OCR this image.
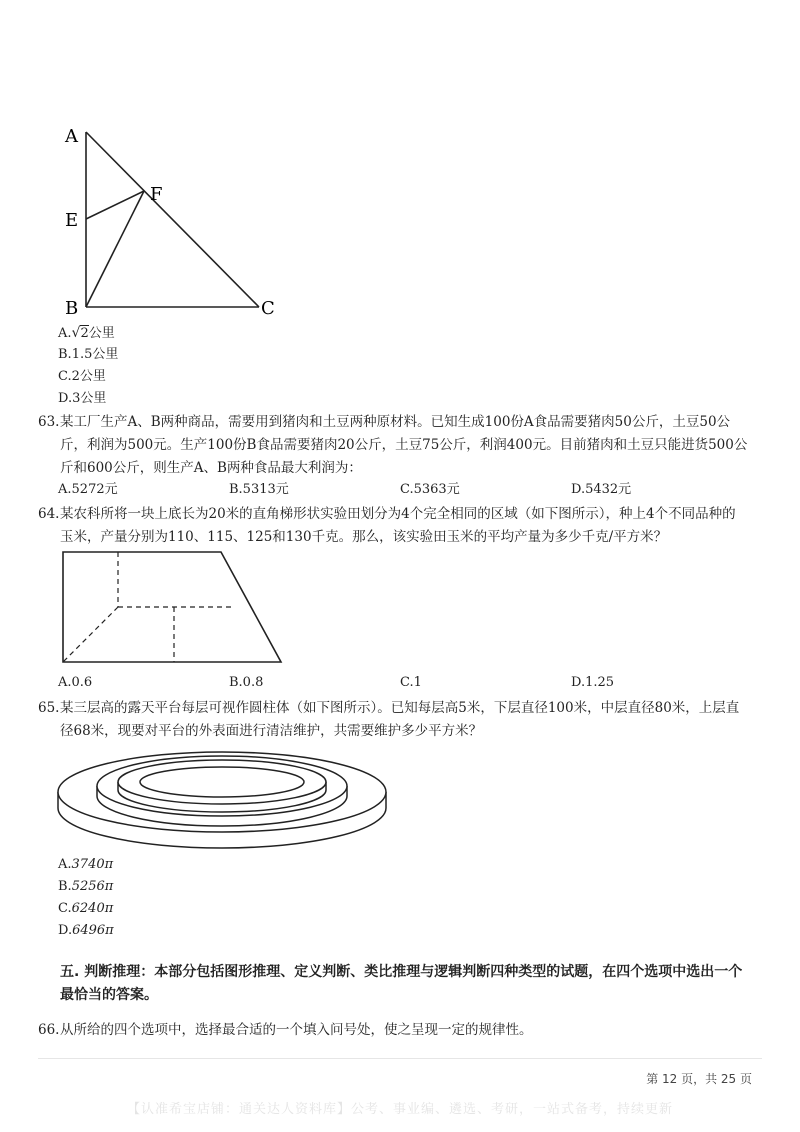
A
E
F
B	C
A.√2公里
B.1.5公里
C.2公里
D.3公里
63. 某工厂生产A、B两种商品，需要用到猪肉和土豆两种原材料。已知生成100份A食品需要猪肉50公斤，土豆50公斤，利润为500元。生产100份B食品需要猪肉20公斤，土豆75公斤，利润400元。目前猪肉和土豆只能进货500公斤和600公斤，则生产A、B两种食品最大利润为：
A.5272元	B.5313元	C.5363元	D.5432元
64. 某农科所将一块上底长为20米的直角梯形状实验田划分为4个完全相同的区域（如下图所示），种上4个不同品种的玉米，产量分别为110、115、125和130千克。那么，该实验田玉米的平均产量为多少千克/平方米？
A.0.6	B.0.8	C.1	D.1.25
65. 某三层高的露天平台每层可视作圆柱体（如下图所示）。已知每层高5米，下层直径100米，中层直径80米，上层直径68米，现要对平台的外表面进行清洁维护，共需要维护多少平方米？
A.3740π
B.5256π
C.6240π
D.6496π
五. 判断推理：本部分包括图形推理、定义判断、类比推理与逻辑判断四种类型的试题，在四个选项中选出一个最恰当的答案。
66. 从所给的四个选项中，选择最合适的一个填入问号处，使之呈现一定的规律性。
第 12 页，共 25 页
【认准希宝店铺：通关达人资料库】公考、事业编、遴选、考研，一站式备考，持续更新
